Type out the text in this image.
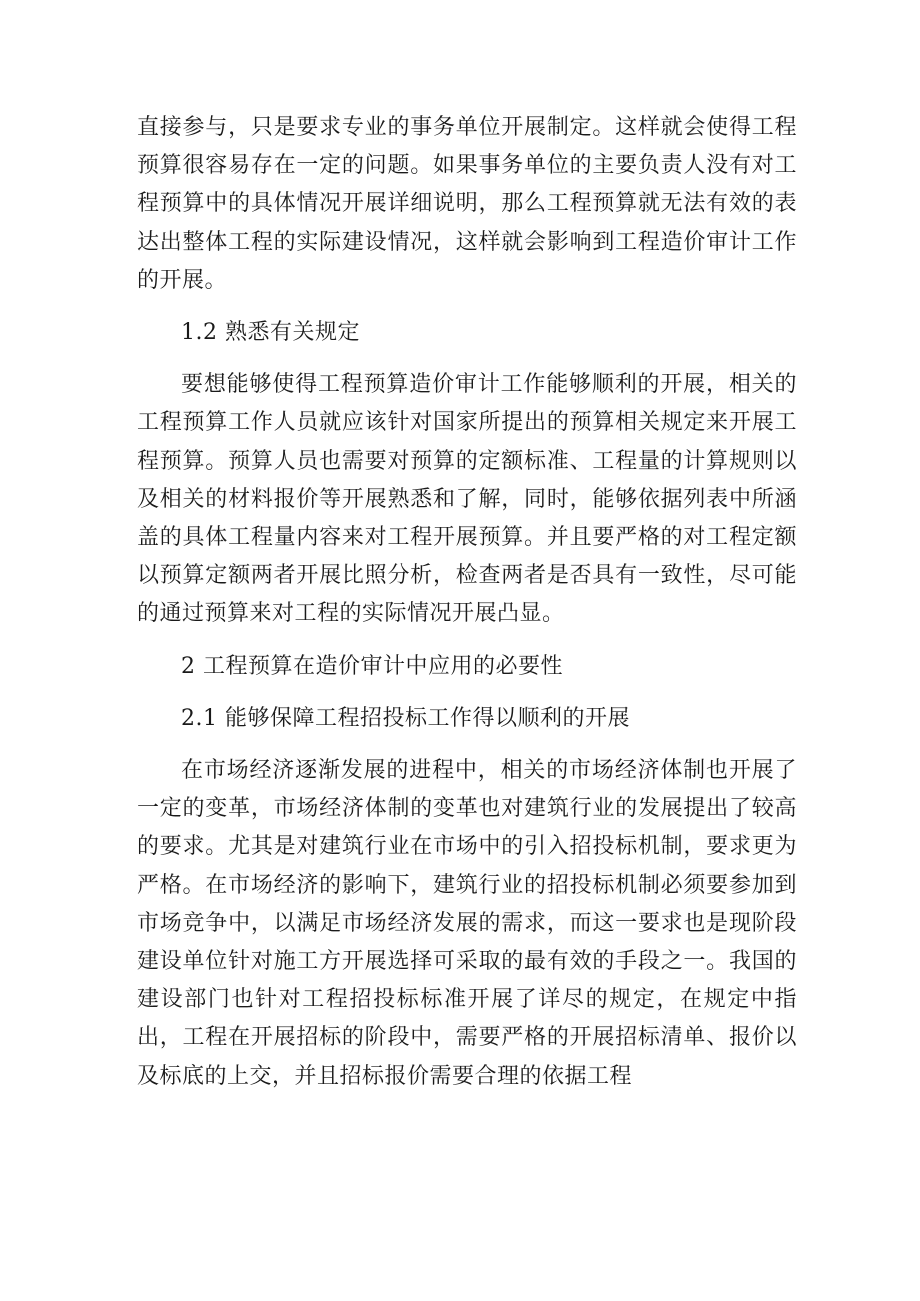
直接参与，只是要求专业的事务单位开展制定。这样就会使得工程预算很容易存在一定的问题。如果事务单位的主要负责人没有对工程预算中的具体情况开展详细说明，那么工程预算就无法有效的表达出整体工程的实际建设情况，这样就会影响到工程造价审计工作的开展。

1.2 熟悉有关规定

要想能够使得工程预算造价审计工作能够顺利的开展，相关的工程预算工作人员就应该针对国家所提出的预算相关规定来开展工程预算。预算人员也需要对预算的定额标准、工程量的计算规则以及相关的材料报价等开展熟悉和了解，同时，能够依据列表中所涵盖的具体工程量内容来对工程开展预算。并且要严格的对工程定额以预算定额两者开展比照分析，检查两者是否具有一致性，尽可能的通过预算来对工程的实际情况开展凸显。

2 工程预算在造价审计中应用的必要性

2.1 能够保障工程招投标工作得以顺利的开展

在市场经济逐渐发展的进程中，相关的市场经济体制也开展了一定的变革，市场经济体制的变革也对建筑行业的发展提出了较高的要求。尤其是对建筑行业在市场中的引入招投标机制，要求更为严格。在市场经济的影响下，建筑行业的招投标机制必须要参加到市场竞争中，以满足市场经济发展的需求，而这一要求也是现阶段建设单位针对施工方开展选择可采取的最有效的手段之一。我国的建设部门也针对工程招投标标准开展了详尽的规定，在规定中指出，工程在开展招标的阶段中，需要严格的开展招标清单、报价以及标底的上交，并且招标报价需要合理的依据工程
